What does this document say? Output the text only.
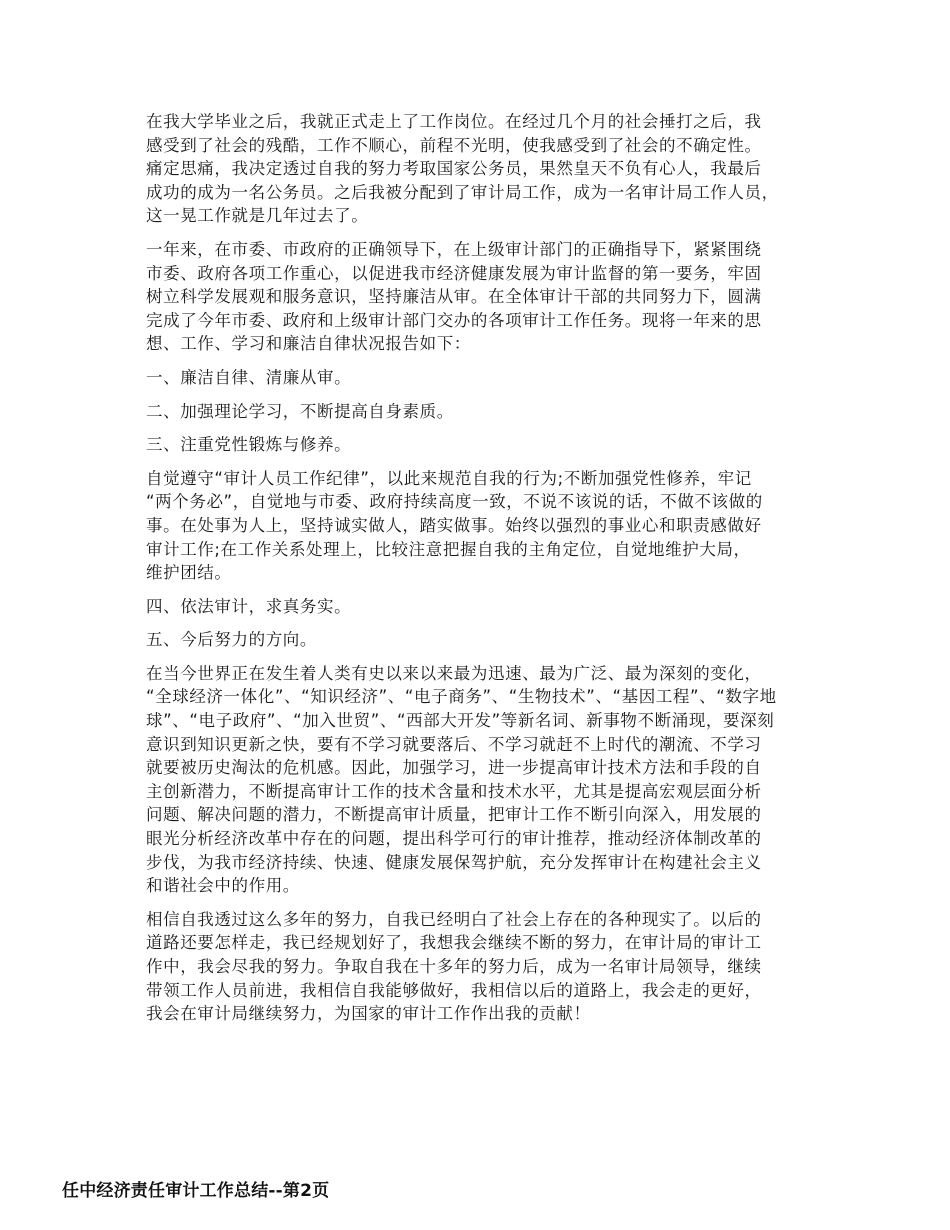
在我大学毕业之后，我就正式走上了工作岗位。在经过几个月的社会捶打之后，我
感受到了社会的残酷，工作不顺心，前程不光明，使我感受到了社会的不确定性。
痛定思痛，我决定透过自我的努力考取国家公务员，果然皇天不负有心人，我最后
成功的成为一名公务员。之后我被分配到了审计局工作，成为一名审计局工作人员，
这一晃工作就是几年过去了。

一年来，在市委、市政府的正确领导下，在上级审计部门的正确指导下，紧紧围绕
市委、政府各项工作重心，以促进我市经济健康发展为审计监督的第一要务，牢固
树立科学发展观和服务意识，坚持廉洁从审。在全体审计干部的共同努力下，圆满
完成了今年市委、政府和上级审计部门交办的各项审计工作任务。现将一年来的思
想、工作、学习和廉洁自律状况报告如下：

一、廉洁自律、清廉从审。

二、加强理论学习，不断提高自身素质。

三、注重党性锻炼与修养。

自觉遵守“审计人员工作纪律”，以此来规范自我的行为;不断加强党性修养，牢记
“两个务必”，自觉地与市委、政府持续高度一致，不说不该说的话，不做不该做的
事。在处事为人上，坚持诚实做人，踏实做事。始终以强烈的事业心和职责感做好
审计工作;在工作关系处理上，比较注意把握自我的主角定位，自觉地维护大局，
维护团结。

四、依法审计，求真务实。

五、今后努力的方向。

在当今世界正在发生着人类有史以来以来最为迅速、最为广泛、最为深刻的变化，
“全球经济一体化”、“知识经济”、“电子商务”、“生物技术”、“基因工程”、“数字地
球”、“电子政府”、“加入世贸”、“西部大开发”等新名词、新事物不断涌现，要深刻
意识到知识更新之快，要有不学习就要落后、不学习就赶不上时代的潮流、不学习
就要被历史淘汰的危机感。因此，加强学习，进一步提高审计技术方法和手段的自
主创新潜力，不断提高审计工作的技术含量和技术水平，尤其是提高宏观层面分析
问题、解决问题的潜力，不断提高审计质量，把审计工作不断引向深入，用发展的
眼光分析经济改革中存在的问题，提出科学可行的审计推荐，推动经济体制改革的
步伐，为我市经济持续、快速、健康发展保驾护航，充分发挥审计在构建社会主义
和谐社会中的作用。

相信自我透过这么多年的努力，自我已经明白了社会上存在的各种现实了。以后的
道路还要怎样走，我已经规划好了，我想我会继续不断的努力，在审计局的审计工
作中，我会尽我的努力。争取自我在十多年的努力后，成为一名审计局领导，继续
带领工作人员前进，我相信自我能够做好，我相信以后的道路上，我会走的更好，
我会在审计局继续努力，为国家的审计工作作出我的贡献！

任中经济责任审计工作总结--第2页
